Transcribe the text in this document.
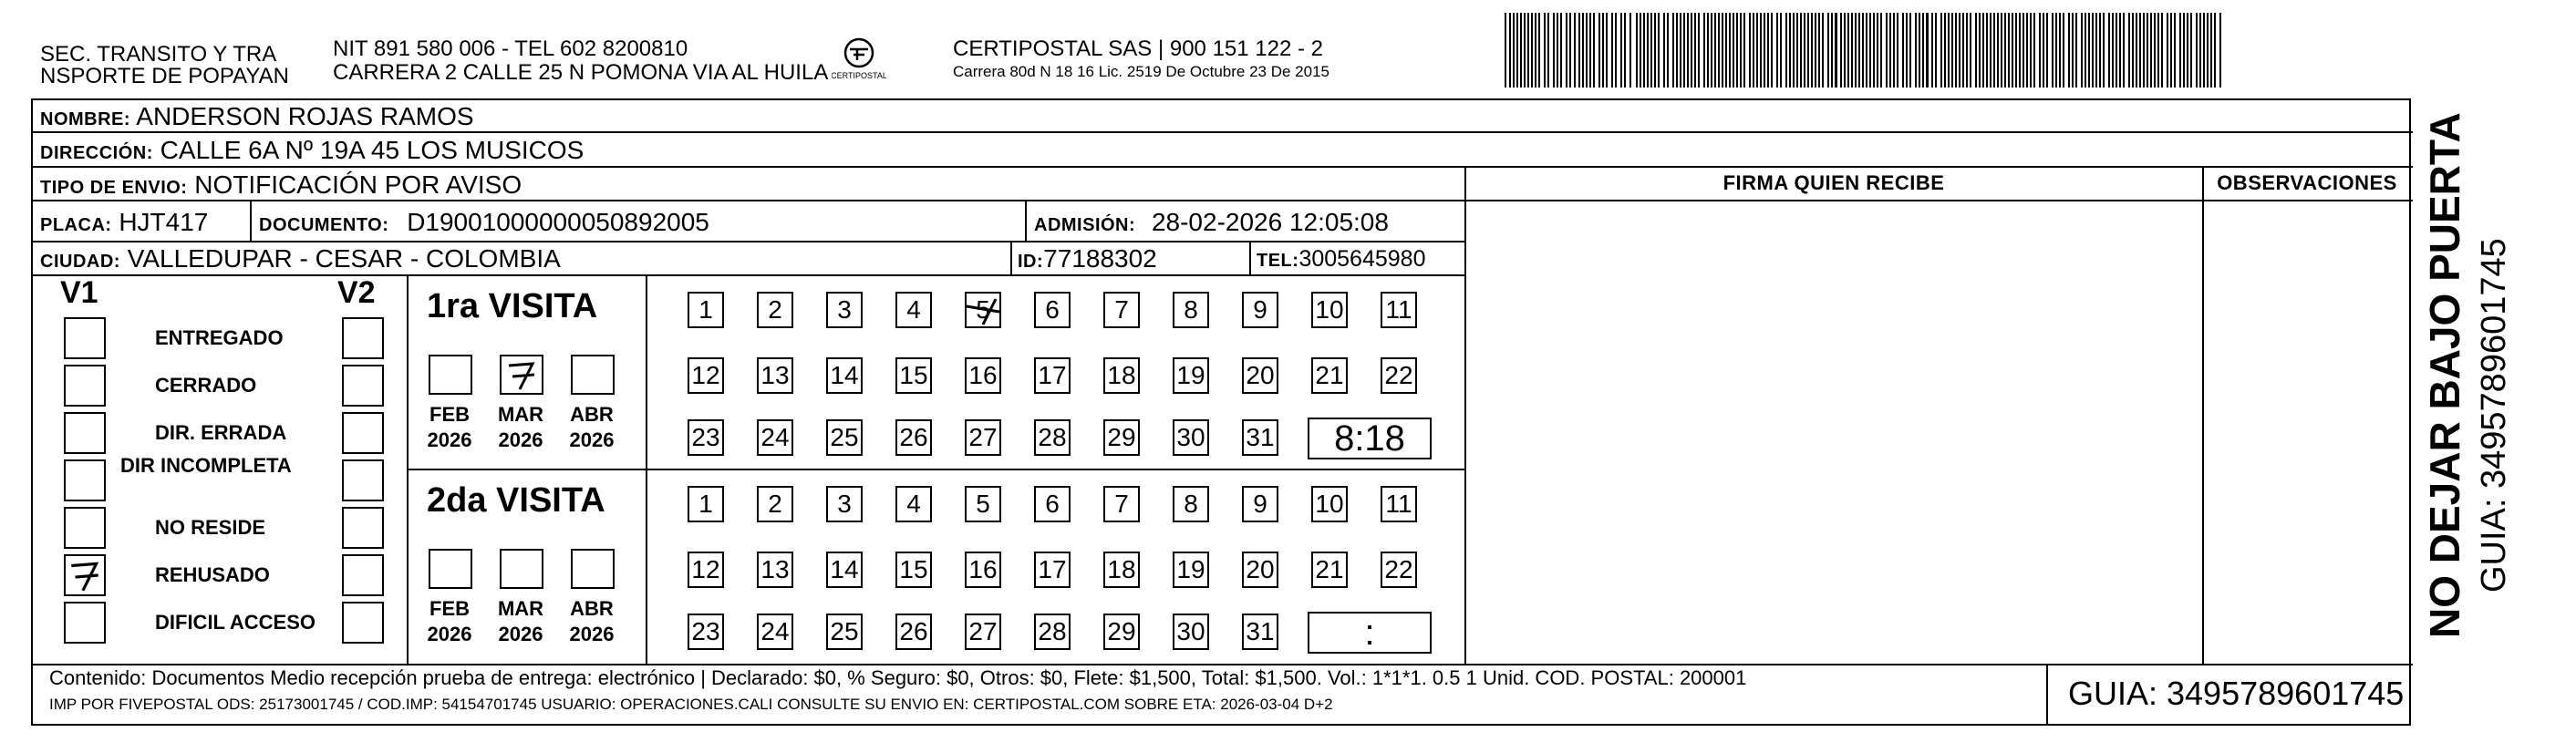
SEC. TRANSITO Y TRA
NSPORTE DE POPAYAN
NIT 891 580 006 - TEL 602 8200810
CARRERA 2 CALLE 25 N POMONA VIA AL HUILA CERTIPOSTAL
CERTIPOSTAL SAS | 900 151 122 - 2
Carrera 80d N 18 16 Lic. 2519 De Octubre 23 De 2015
NOMBRE: ANDERSON ROJAS RAMOS
DIRECCIÓN: CALLE 6A Nº 19A 45 LOS MUSICOS
TIPO DE ENVIO: NOTIFICACIÓN POR AVISO
PLACA: HJT417	DOCUMENTO: D19001000000050892005	ADMISIÓN: 28-02-2026 12:05:08
CIUDAD: VALLEDUPAR - CESAR - COLOMBIA	ID:77188302	TEL:3005645980
FIRMA QUIEN RECIBE	OBSERVACIONES
V1	V2
ENTREGADO
CERRADO
DIR. ERRADA
DIR INCOMPLETA
NO RESIDE
REHUSADO
DIFICIL ACCESO
1ra VISITA
FEB
2026
MAR
2026
ABR
2026
1	2	3	4	5	6	7	8	9	10 11
12 13 14 15 16 17 18 19 20 21 22
23 24 25 26 27 28 29 30 31	8:18
2da VISITA
FEB
2026
MAR
2026
ABR
2026
1	2	3	4	5	6	7	8	9	10 11
12 13 14 15 16 17 18 19 20 21 22
23 24 25 26 27 28 29 30 31	:
Contenido: Documentos Medio recepción prueba de entrega: electrónico | Declarado: $0, % Seguro: $0, Otros: $0, Flete: $1,500, Total: $1,500. Vol.: 1*1*1. 0.5 1 Unid. COD. POSTAL: 200001
IMP POR FIVEPOSTAL ODS: 25173001745 / COD.IMP: 54154701745 USUARIO: OPERACIONES.CALI CONSULTE SU ENVIO EN: CERTIPOSTAL.COM SOBRE ETA: 2026-03-04 D+2	GUIA: 3495789601745
NO DEJAR BAJO PUERTA GUIA: 3495789601745
